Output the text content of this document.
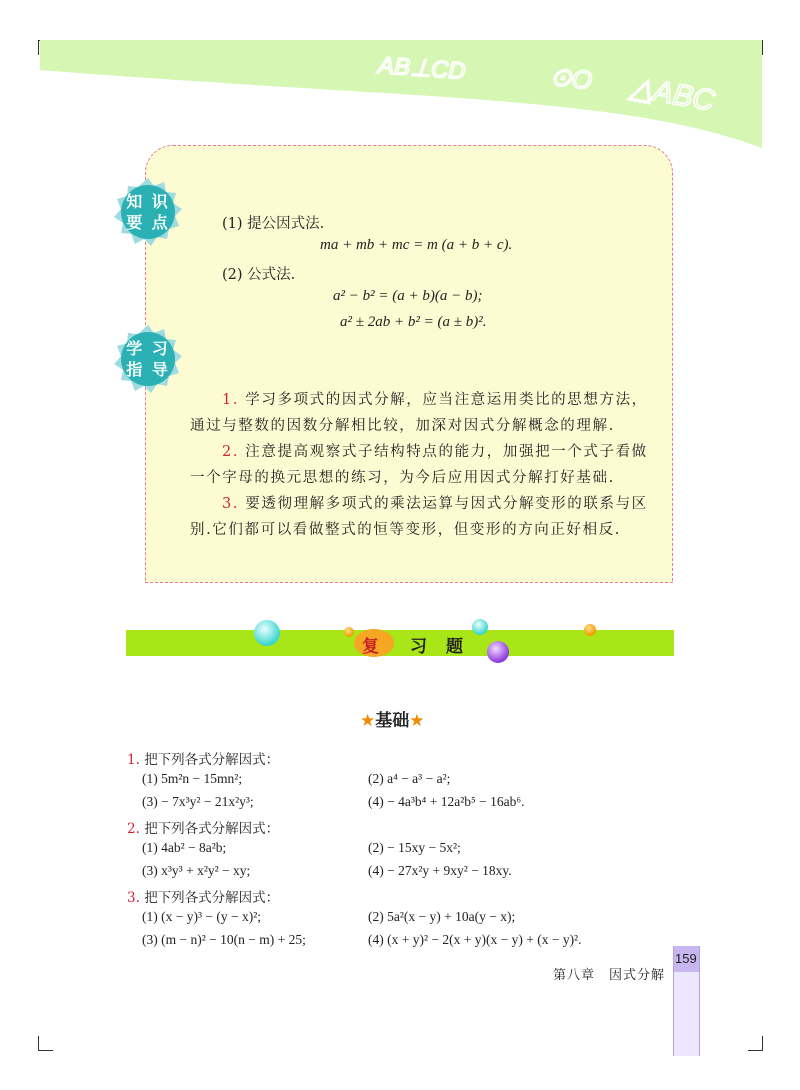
AB⊥CD	⊙O △ABC
知 识
要 点
学 习
指 导
(1) 提公因式法.
ma + mb + mc = m (a + b + c).
(2) 公式法.
a² − b² = (a + b)(a − b);
a² ± 2ab + b² = (a ± b)².
1. 学习多项式的因式分解，应当注意运用类比的思想方法，
通过与整数的因数分解相比较，加深对因式分解概念的理解.
2. 注意提高观察式子结构特点的能力，加强把一个式子看做
一个字母的换元思想的练习，为今后应用因式分解打好基础.
3. 要透彻理解多项式的乘法运算与因式分解变形的联系与区
别.它们都可以看做整式的恒等变形，但变形的方向正好相反.
复 习 题
★基础★
1. 把下列各式分解因式：
(1) 5m²n − 15mn²;	(2) a⁴ − a³ − a²;
(3) − 7x³y² − 21x²y³;	(4) − 4a³b⁴ + 12a²b⁵ − 16ab⁶.
2. 把下列各式分解因式：
(1) 4ab² − 8a²b;	(2) − 15xy − 5x²;
(3) x³y³ + x²y² − xy;	(4) − 27x²y + 9xy² − 18xy.
3. 把下列各式分解因式：
(1) (x − y)³ − (y − x)²;	(2) 5a²(x − y) + 10a(y − x);
(3) (m − n)² − 10(n − m) + 25;	(4) (x + y)² − 2(x + y)(x − y) + (x − y)².
第八章　因式分解
159
